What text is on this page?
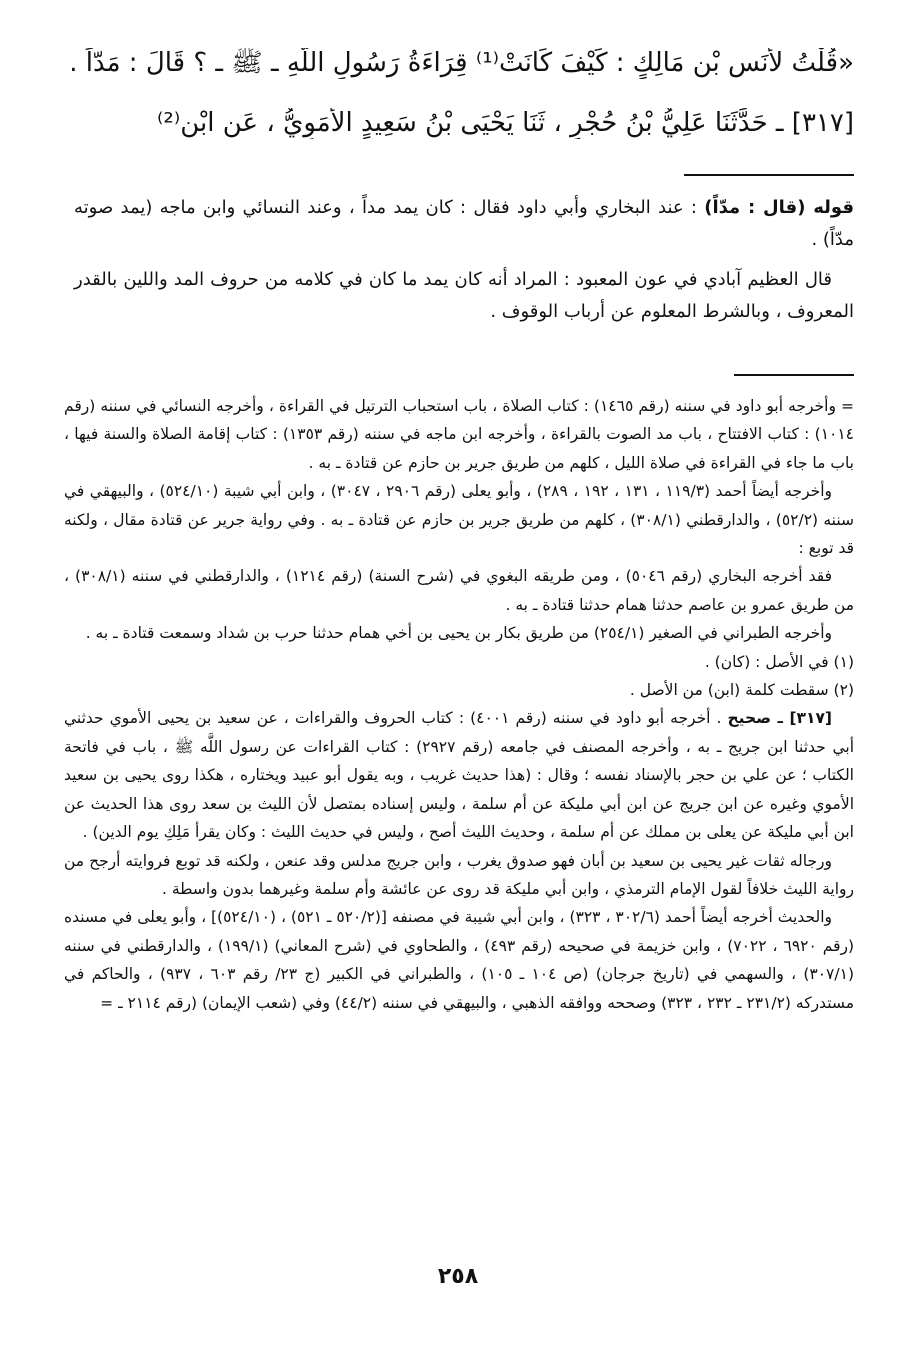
«قُلْتُ لأَنَسِ بْنِ مَالِكٍ : كَيْفَ كَانَتْ⁽¹⁾ قِرَاءَةُ رَسُولِ اللَّهِ ـ ﷺ ـ ؟ قَالَ : مَدّاً .
[٣١٧] ـ حَدَّثَنَا عَلِيُّ بْنُ حُجْرٍ ، ثَنَا يَحْيَى بْنُ سَعِيدٍ الأُمَوِيُّ ، عَنِ ابْنِ⁽²⁾

قوله (قال : مدّاً) : عند البخاري وأبي داود فقال : كان يمد مداً ، وعند النسائي وابن ماجه (يمد صوته مدّاً) .

قال العظيم آبادي في عون المعبود : المراد أنه كان يمد ما كان في كلامه من حروف المد واللين بالقدر المعروف ، وبالشرط المعلوم عن أرباب الوقوف .

= وأخرجه أبو داود في سننه (رقم ١٤٦٥) : كتاب الصلاة ، باب استحباب الترتيل في القراءة ، وأخرجه النسائي في سننه (رقم ١٠١٤) : كتاب الافتتاح ، باب مد الصوت بالقراءة ، وأخرجه ابن ماجه في سننه (رقم ١٣٥٣) : كتاب إقامة الصلاة والسنة فيها ، باب ما جاء في القراءة في صلاة الليل ، كلهم من طريق جرير بن حازم عن قتادة ـ به .

وأخرجه أيضاً أحمد (١١٩/٣ ، ١٣١ ، ١٩٢ ، ٢٨٩) ، وأبو يعلى (رقم ٢٩٠٦ ، ٣٠٤٧) ، وابن أبي شيبة (٥٢٤/١٠) ، والبيهقي في سننه (٥٢/٢) ، والدارقطني (٣٠٨/١) ، كلهم من طريق جرير بن حازم عن قتادة ـ به . وفي رواية جرير عن قتادة مقال ، ولكنه قد توبع :

فقد أخرجه البخاري (رقم ٥٠٤٦) ، ومن طريقه البغوي في (شرح السنة) (رقم ١٢١٤) ، والدارقطني في سننه (٣٠٨/١) ، من طريق عمرو بن عاصم حدثنا همام حدثنا قتادة ـ به .

وأخرجه الطبراني في الصغير (٢٥٤/١) من طريق بكار بن يحيى بن أخي همام حدثنا حرب بن شداد وسمعت قتادة ـ به .

(١) في الأصل : (كان) .

(٢) سقطت كلمة (ابن) من الأصل .

[٣١٧] ـ صحيح . أخرجه أبو داود في سننه (رقم ٤٠٠١) : كتاب الحروف والقراءات ، عن سعيد بن يحيى الأموي حدثني أبي حدثنا ابن جريج ـ به ، وأخرجه المصنف في جامعه (رقم ٢٩٢٧) : كتاب القراءات عن رسول اللَّه ﷺ ، باب في فاتحة الكتاب ؛ عن علي بن حجر بالإسناد نفسه ؛ وقال : (هذا حديث غريب ، وبه يقول أبو عبيد ويختاره ، هكذا روى يحيى بن سعيد الأموي وغيره عن ابن جريج عن ابن أبي مليكة عن أم سلمة ، وليس إسناده بمتصل لأن الليث بن سعد روى هذا الحديث عن ابن أبي مليكة عن يعلى بن مملك عن أم سلمة ، وحديث الليث أصح ، وليس في حديث الليث : وكان يقرأ مَلِكِ يوم الدين) .

ورجاله ثقات غير يحيى بن سعيد بن أبان فهو صدوق يغرب ، وابن جريج مدلس وقد عنعن ، ولكنه قد توبع فروايته أرجح من رواية الليث خلافاً لقول الإمام الترمذي ، وابن أبي مليكة قد روى عن عائشة وأم سلمة وغيرهما بدون واسطة .

والحديث أخرجه أيضاً أحمد (٣٠٢/٦ ، ٣٢٣) ، وابن أبي شيبة في مصنفه [(٥٢٠/٢ ـ ٥٢١) ، (٥٢٤/١٠)] ، وأبو يعلى في مسنده (رقم ٦٩٢٠ ، ٧٠٢٢) ، وابن خزيمة في صحيحه (رقم ٤٩٣) ، والطحاوي في (شرح المعاني) (١٩٩/١) ، والدارقطني في سننه (٣٠٧/١) ، والسهمي في (تاريخ جرجان) (ص ١٠٤ ـ ١٠٥) ، والطبراني في الكبير (ج ٢٣/ رقم ٦٠٣ ، ٩٣٧) ، والحاكم في مستدركه (٢٣١/٢ ـ ٢٣٢ ، ٣٢٣) وصححه ووافقه الذهبي ، والبيهقي في سننه (٤٤/٢) وفي (شعب الإيمان) (رقم ٢١١٤ ـ =

٢٥٨
